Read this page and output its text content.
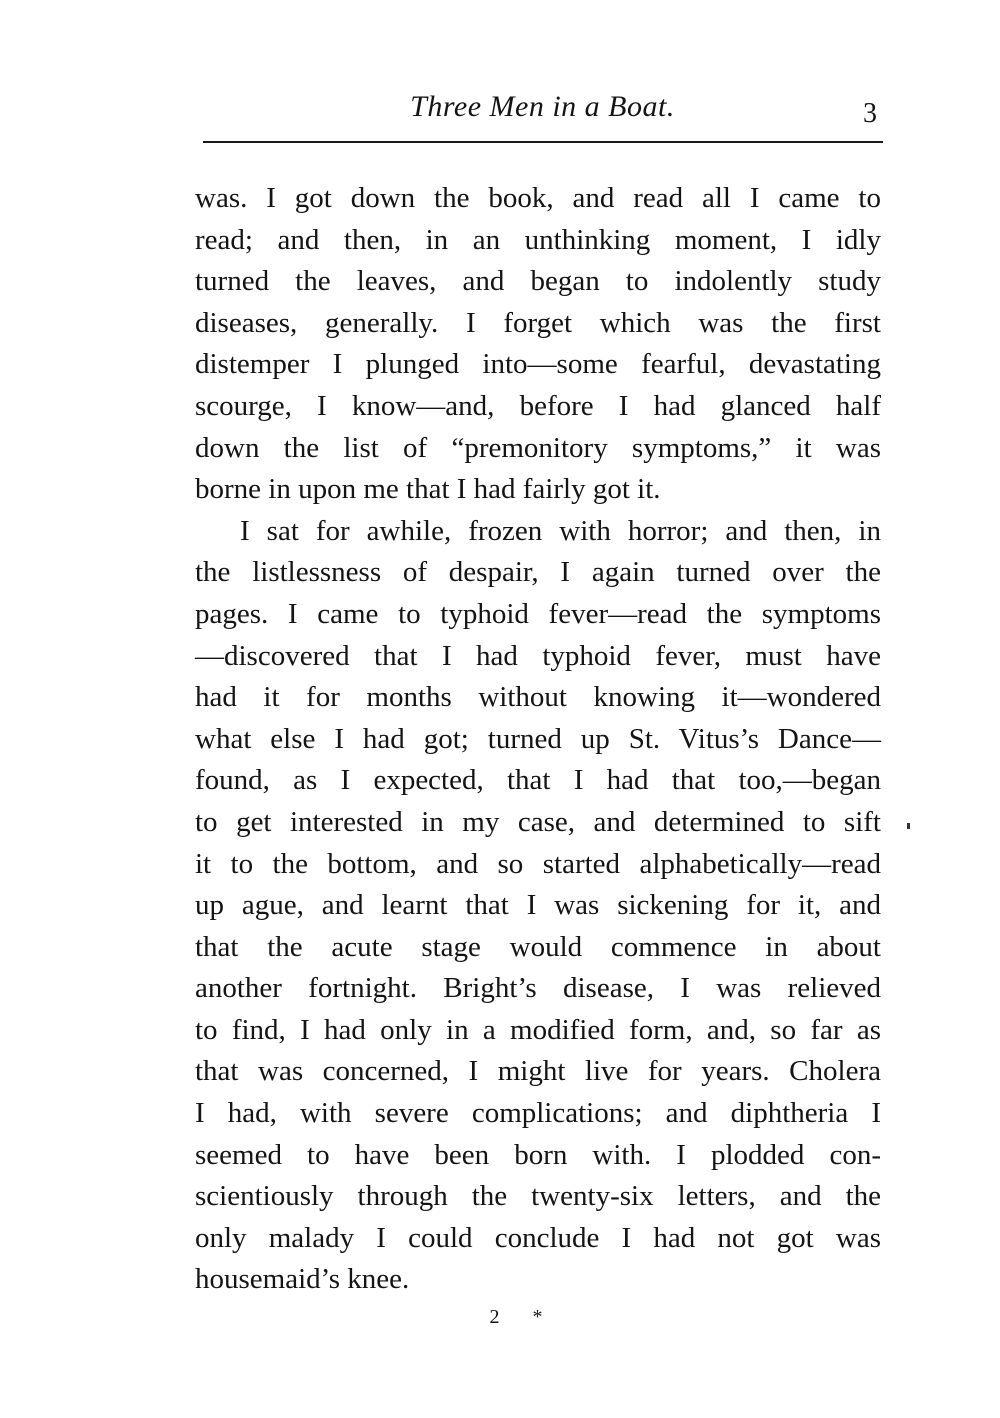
Three Men in a Boat.	3
was. I got down the book, and read all I came to
read; and then, in an unthinking moment, I idly
turned the leaves, and began to indolently study
diseases, generally. I forget which was the first
distemper I plunged into—some fearful, devastating
scourge, I know—and, before I had glanced half
down the list of “premonitory symptoms,” it was
borne in upon me that I had fairly got it.
I sat for awhile, frozen with horror; and then, in
the listlessness of despair, I again turned over the
pages. I came to typhoid fever—read the symptoms
—discovered that I had typhoid fever, must have
had it for months without knowing it—wondered
what else I had got; turned up St. Vitus’s Dance—
found, as I expected, that I had that too,—began
to get interested in my case, and determined to sift
it to the bottom, and so started alphabetically—read
up ague, and learnt that I was sickening for it, and
that the acute stage would commence in about
another fortnight. Bright’s disease, I was relieved
to find, I had only in a modified form, and, so far as
that was concerned, I might live for years. Cholera
I had, with severe complications; and diphtheria I
seemed to have been born with. I plodded con-
scientiously through the twenty-six letters, and the
only malady I could conclude I had not got was
housemaid’s knee.
2 *
